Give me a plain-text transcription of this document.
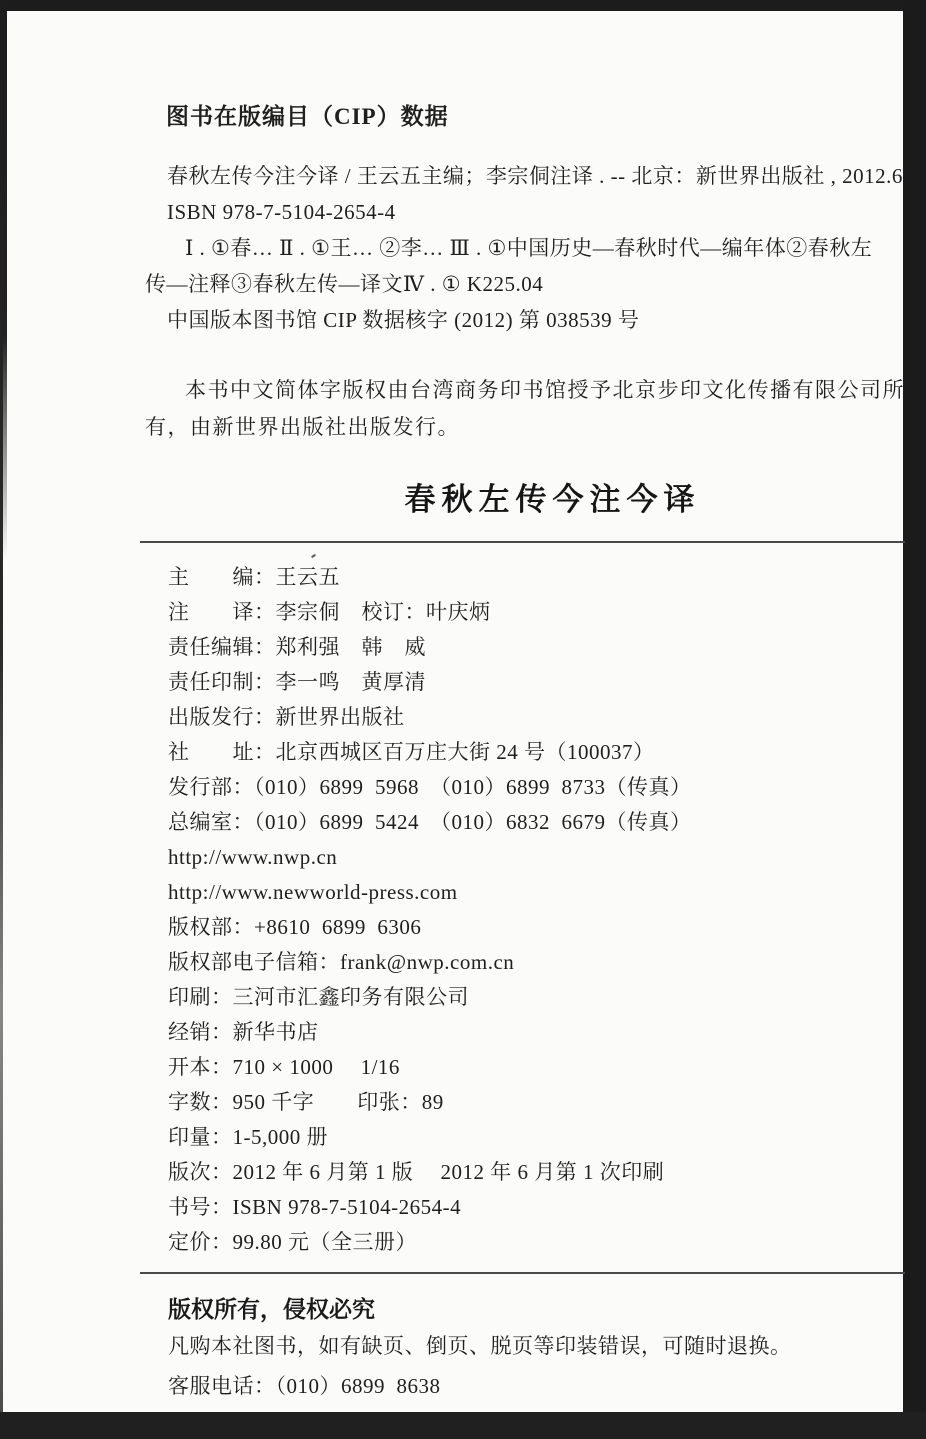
图书在版编目（CIP）数据
春秋左传今注今译 / 王云五主编；李宗侗注译 . -- 北京：新世界出版社 , 2012.6
ISBN 978-7-5104-2654-4
Ⅰ . ①春… Ⅱ . ①王… ②李… Ⅲ . ①中国历史—春秋时代—编年体②春秋左
传—注释③春秋左传—译文Ⅳ . ① K225.04
中国版本图书馆 CIP 数据核字 (2012) 第 038539 号
本书中文简体字版权由台湾商务印书馆授予北京步印文化传播有限公司所
有，由新世界出版社出版发行。
春秋左传今注今译
主　　编：王云五
注　　译：李宗侗　校订：叶庆炳
责任编辑：郑利强　韩　威
责任印制：李一鸣　黄厚清
出版发行：新世界出版社
社　　址：北京西城区百万庄大街 24 号（100037）
发行部：（010）6899  5968　（010）6899  8733（传真）
总编室：（010）6899  5424　（010）6832  6679（传真）
http://www.nwp.cn
http://www.newworld-press.com
版权部：+8610  6899  6306
版权部电子信箱：frank@nwp.com.cn
印刷：三河市汇鑫印务有限公司
经销：新华书店
开本：710 × 1000　 1/16
字数：950 千字　　印张：89
印量：1-5,000 册
版次：2012 年 6 月第 1 版　 2012 年 6 月第 1 次印刷
书号：ISBN 978-7-5104-2654-4
定价：99.80 元（全三册）
版权所有，侵权必究
凡购本社图书，如有缺页、倒页、脱页等印装错误，可随时退换。
客服电话：（010）6899  8638
